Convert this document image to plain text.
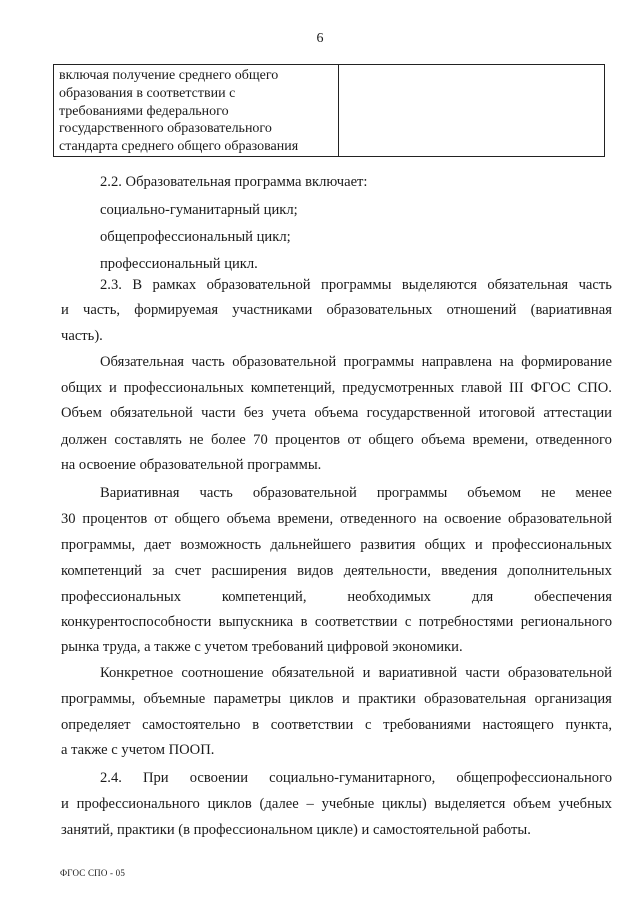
6
включая получение среднего общего
образования в соответствии с
требованиями федерального
государственного образовательного
стандарта среднего общего образования

2.2. Образовательная программа включает:
социально-гуманитарный цикл;
общепрофессиональный цикл;
профессиональный цикл.
2.3. В рамках образовательной программы выделяются обязательная часть
и часть, формируемая участниками образовательных отношений (вариативная
часть).
Обязательная часть образовательной программы направлена на формирование
общих и профессиональных компетенций, предусмотренных главой III ФГОС СПО.
Объем обязательной части без учета объема государственной итоговой аттестации
должен составлять не более 70 процентов от общего объема времени, отведенного
на освоение образовательной программы.
Вариативная часть образовательной программы объемом не менее
30 процентов от общего объема времени, отведенного на освоение образовательной
программы, дает возможность дальнейшего развития общих и профессиональных
компетенций за счет расширения видов деятельности, введения дополнительных
профессиональных	компетенций,	необходимых	для	обеспечения
конкурентоспособности выпускника в соответствии с потребностями регионального
рынка труда, а также с учетом требований цифровой экономики.
Конкретное соотношение обязательной и вариативной части образовательной
программы, объемные параметры циклов и практики образовательная организация
определяет самостоятельно в соответствии с требованиями настоящего пункта,
а также с учетом ПООП.
2.4. При освоении социально-гуманитарного, общепрофессионального
и профессионального циклов (далее – учебные циклы) выделяется объем учебных
занятий, практики (в профессиональном цикле) и самостоятельной работы.
ФГОС СПО - 05
